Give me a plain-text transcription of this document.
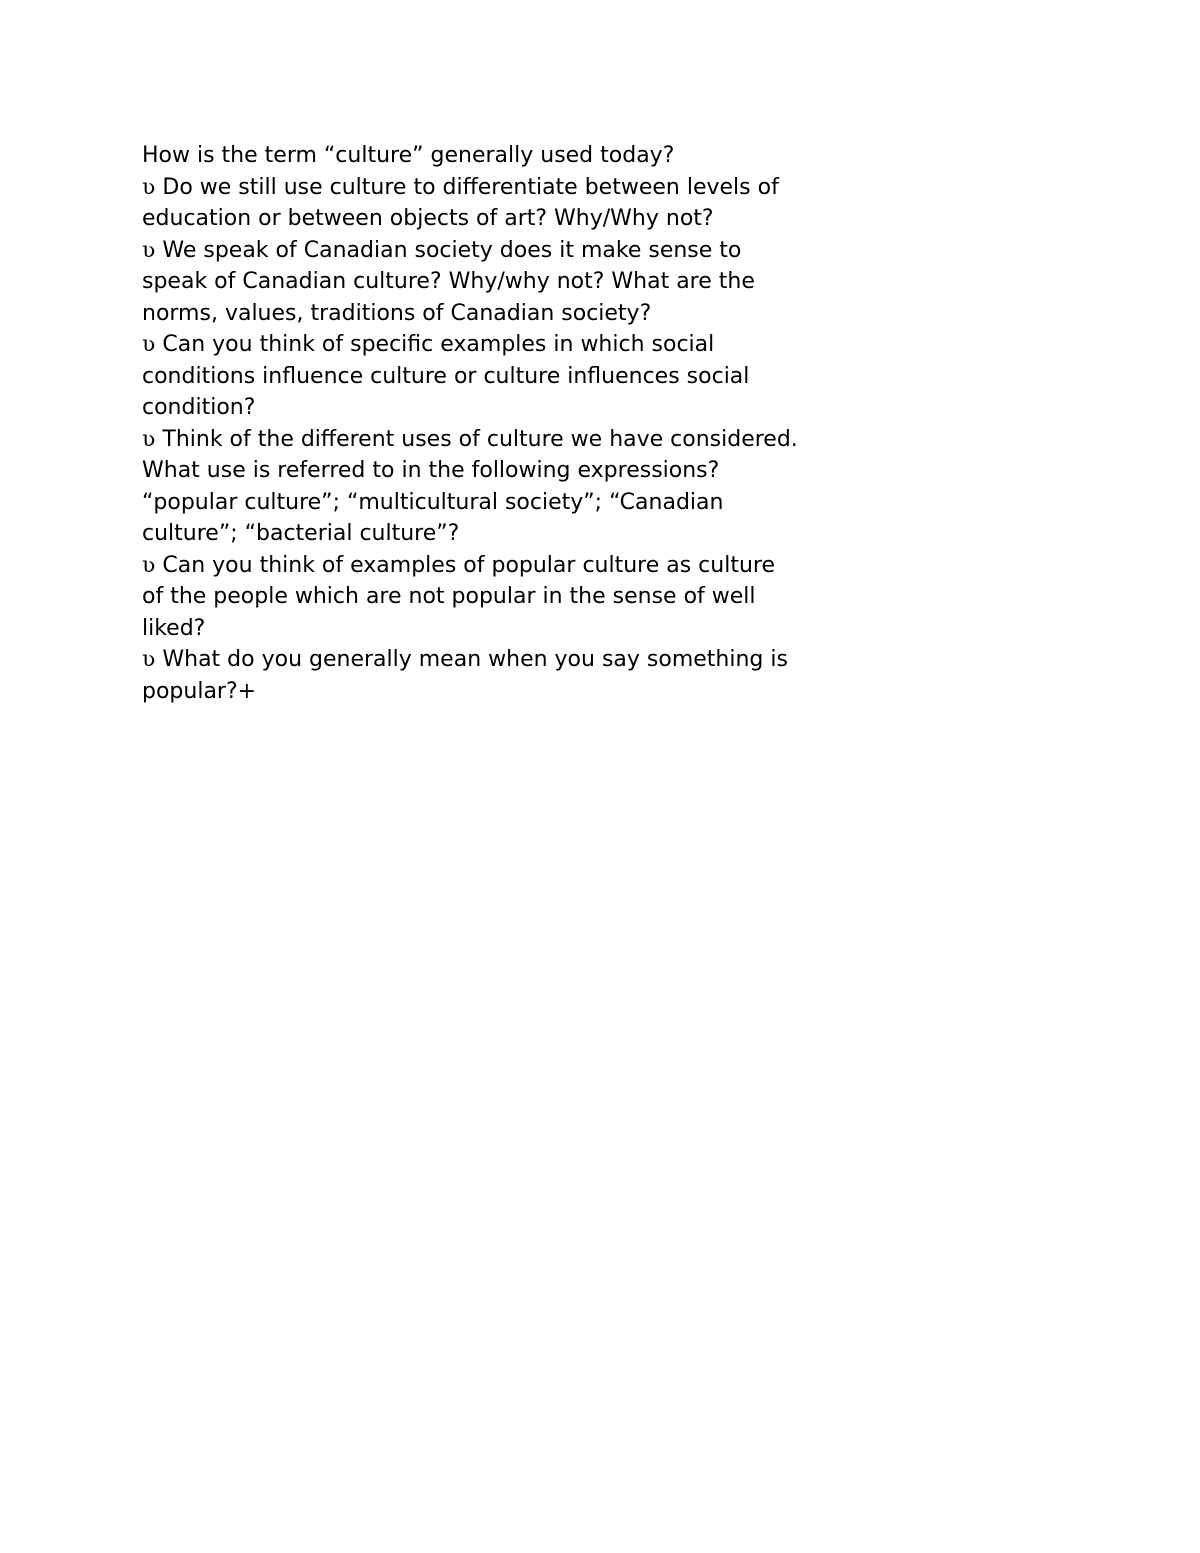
How is the term “culture” generally used today?
ʋ Do we still use culture to differentiate between levels of
education or between objects of art? Why/Why not?
ʋ We speak of Canadian society does it make sense to
speak of Canadian culture? Why/why not? What are the
norms, values, traditions of Canadian society?
ʋ Can you think of specific examples in which social
conditions influence culture or culture influences social
condition?
ʋ Think of the different uses of culture we have considered.
What use is referred to in the following expressions?
“popular culture”; “multicultural society”; “Canadian
culture”; “bacterial culture”?
ʋ Can you think of examples of popular culture as culture
of the people which are not popular in the sense of well
liked?
ʋ What do you generally mean when you say something is
popular?+
